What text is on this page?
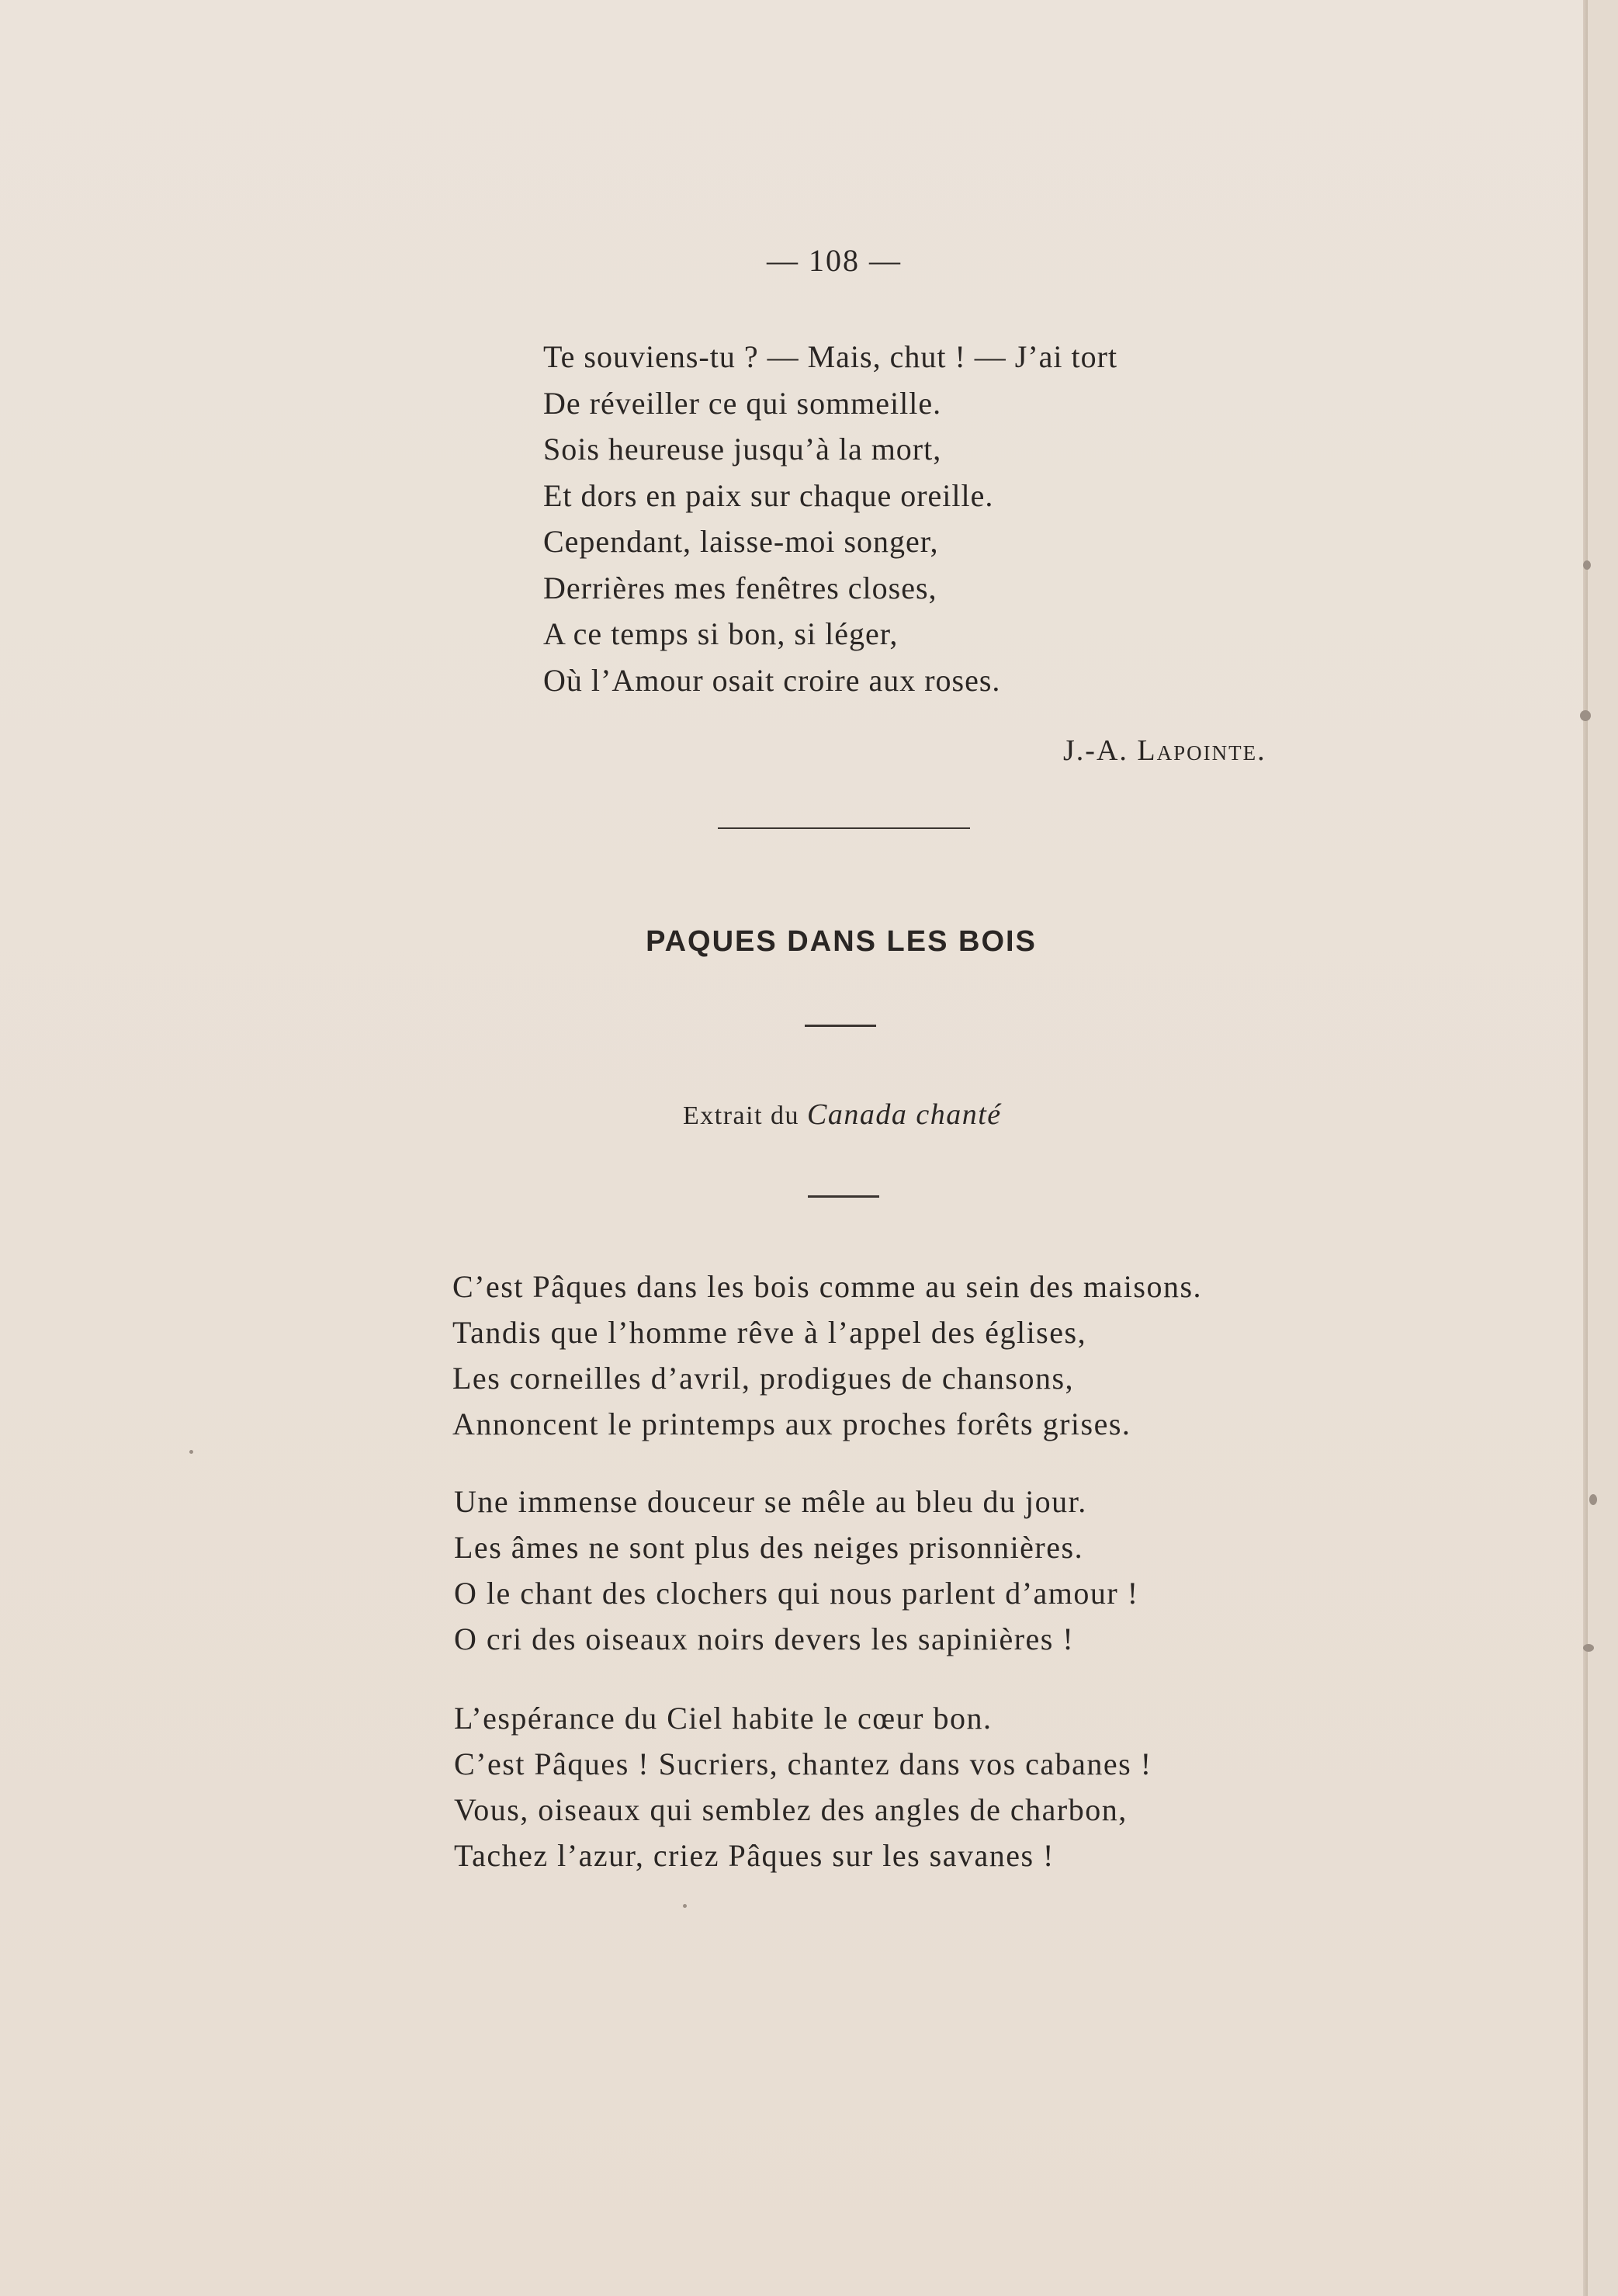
— 108 —
Te souviens-tu ? — Mais, chut ! — J’ai tort
De réveiller ce qui sommeille.
Sois heureuse jusqu’à la mort,
Et dors en paix sur chaque oreille.
Cependant, laisse-moi songer,
Derrières mes fenêtres closes,
A ce temps si bon, si léger,
Où l’Amour osait croire aux roses.
J.-A. Lapointe.
PAQUES DANS LES BOIS
Extrait du Canada chanté
C’est Pâques dans les bois comme au sein des maisons.
Tandis que l’homme rêve à l’appel des églises,
Les corneilles d’avril, prodigues de chansons,
Annoncent le printemps aux proches forêts grises.
Une immense douceur se mêle au bleu du jour.
Les âmes ne sont plus des neiges prisonnières.
O le chant des clochers qui nous parlent d’amour !
O cri des oiseaux noirs devers les sapinières !
L’espérance du Ciel habite le cœur bon.
C’est Pâques ! Sucriers, chantez dans vos cabanes !
Vous, oiseaux qui semblez des angles de charbon,
Tachez l’azur, criez Pâques sur les savanes !
